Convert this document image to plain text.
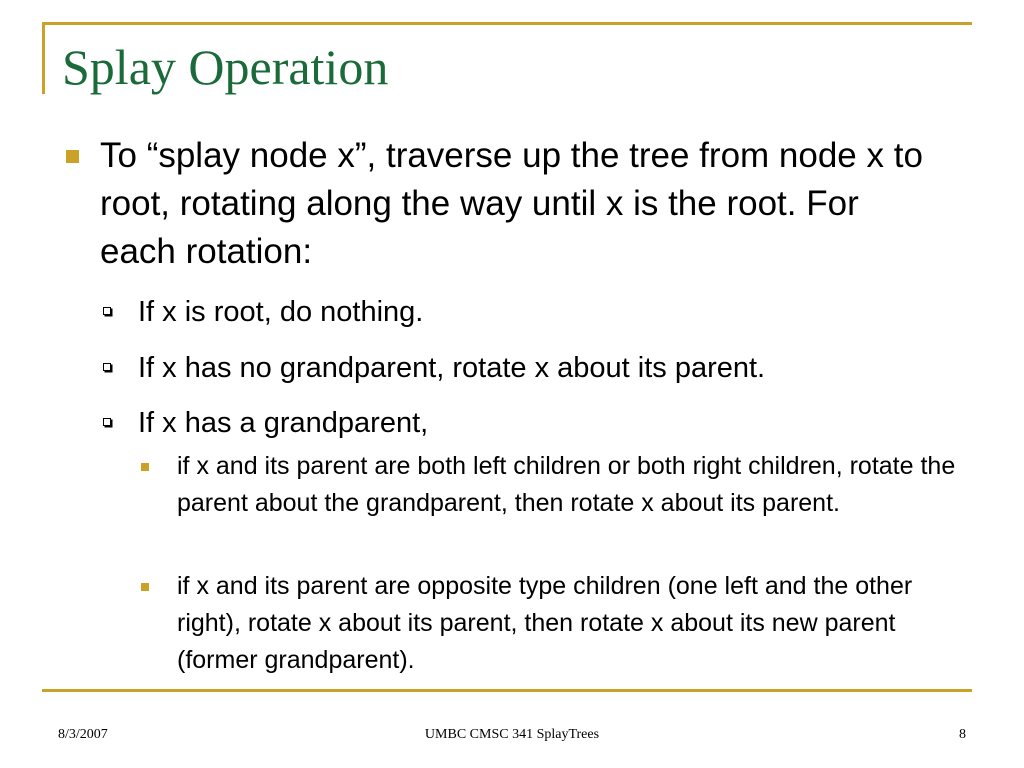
Splay Operation
To “splay node x”, traverse up the tree from node x to root, rotating along the way until x is the root. For each rotation:
If x is root, do nothing.
If x has no grandparent, rotate x about its parent.
If x has a grandparent,
if x and its parent are both left children or both right children, rotate the parent about the grandparent, then rotate x about its parent.
if x and its parent are opposite type children (one left and the other right), rotate x about its parent, then rotate x about its new parent (former grandparent).
8/3/2007	UMBC CMSC 341 SplayTrees	8
